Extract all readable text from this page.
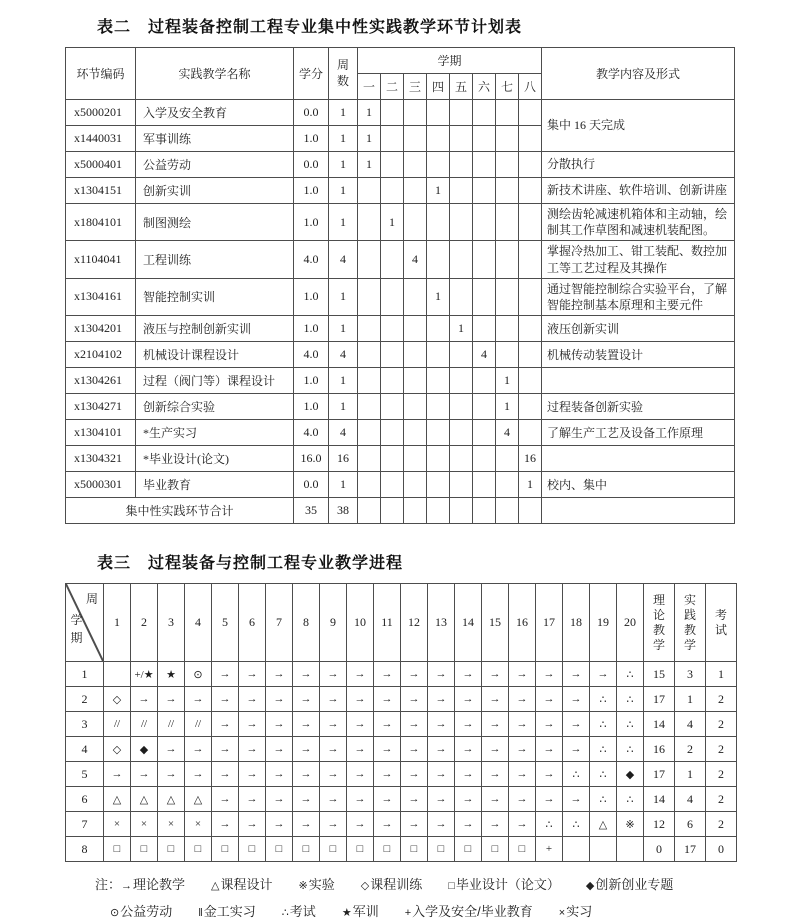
表二　过程装备控制工程专业集中性实践教学环节计划表
环节编码	实践教学名称	学分	周数	学期								教学内容及形式
				一	二	三	四	五	六	七	八	
x5000201	入学及安全教育	0.0	1	1								集中 16 天完成
x1440031	军事训练	1.0	1	1								
x5000401	公益劳动	0.0	1	1								分散执行
x1304151	创新实训	1.0	1				1					新技术讲座、软件培训、创新讲座
x1804101	制图测绘	1.0	1		1							测绘齿轮减速机箱体和主动轴，绘制其工作草图和减速机装配图。
x1104041	工程训练	4.0	4			4						掌握冷热加工、钳工装配、数控加工等工艺过程及其操作
x1304161	智能控制实训	1.0	1				1					通过智能控制综合实验平台，了解智能控制基本原理和主要元件
x1304201	液压与控制创新实训	1.0	1					1				液压创新实训
x2104102	机械设计课程设计	4.0	4						4			机械传动装置设计
x1304261	过程（阀门等）课程设计	1.0	1							1		
x1304271	创新综合实验	1.0	1							1		过程装备创新实验
x1304101	*生产实习	4.0	4							4		了解生产工艺及设备工作原理
x1304321	*毕业设计(论文)	16.0	16								16	
x5000301	毕业教育	0.0	1								1	校内、集中
集中性实践环节合计		35	38									
表三　过程装备与控制工程专业教学进程
周
学期	1	2	3	4	5	6	7	8	9	10	11	12	13	14	15	16	17	18	19	20	理论教学	实践教学	考试
1		+/★	★	⊙	→	→	→	→	→	→	→	→	→	→	→	→	→	→	→	∴	15	3	1
2	◇	→	→	→	→	→	→	→	→	→	→	→	→	→	→	→	→	→	∴	∴	17	1	2
3	//	//	//	//	→	→	→	→	→	→	→	→	→	→	→	→	→	→	∴	∴	14	4	2
4	◇	◆	→	→	→	→	→	→	→	→	→	→	→	→	→	→	→	→	∴	∴	16	2	2
5	→	→	→	→	→	→	→	→	→	→	→	→	→	→	→	→	→	∴	∴	◆	17	1	2
6	△	△	△	△	→	→	→	→	→	→	→	→	→	→	→	→	→	→	∴	∴	14	4	2
7	×	×	×	×	→	→	→	→	→	→	→	→	→	→	→	→	∴	∴	△	※	12	6	2
8	□	□	□	□	□	□	□	□	□	□	□	□	□	□	□	□	+				0	17	0
注：→理论教学 △课程设计 ※实验 ◇课程训练 □毕业设计（论文） ◆创新创业专题
⊙公益劳动 ‖金工实习 ∴考试 ★军训 +入学及安全/毕业教育 ×实习
